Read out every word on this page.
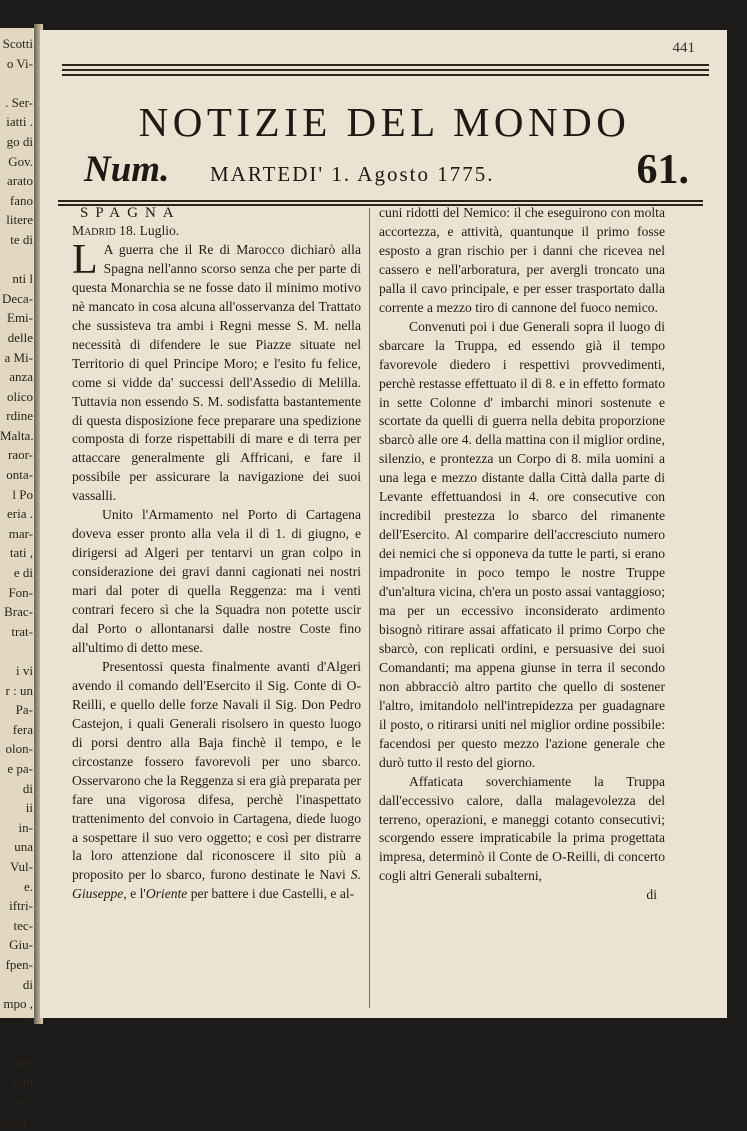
Scotti
o Vi-

. Ser-
iatti .
go di
Gov.
arato
fano
litere
te di

nti l
Deca-
Emi-
delle
a Mi-
anza
olico
rdine
Malta.
raor-
onta-
l Po
eria .
mar-
tati ,
e di
Fon-
Brac-
trat-

i vi
r : un
Pa-
fera
olon-
e pa-
di
ii
in-
una
Vul-
e.
iftri-
tec-
Giu-
fpen-
di
mpo ,
i

ifter
ii tu
cu-
catì .
441
NOTIZIE DEL MONDO
Num. MARTEDI' 1. Agosto 1775.	61.

SPAGNA

Madrid 18. Luglio.

L A guerra che il Re di Marocco dichiarò alla Spagna nell'anno scorso senza che per parte di questa Monarchia se ne fosse dato il minimo motivo nè mancato in cosa alcuna all'osservanza del Trattato che sussisteva tra ambi i Regni messe S. M. nella necessità di difendere le sue Piazze situate nel Territorio di quel Principe Moro; e l'esito fu felice, come si vidde da' successi dell'Assedio di Melilla. Tuttavia non essendo S. M. sodisfatta bastantemente di questa disposizione fece preparare una spedizione composta di forze rispettabili di mare e di terra per attaccare generalmente gli Affricani, e fare il possibile per assicurare la navigazione dei suoi vassalli.

Unito l'Armamento nel Porto di Cartagena doveva esser pronto alla vela il dì 1. di giugno, e dirigersi ad Algeri per tentarvi un gran colpo in considerazione dei gravi danni cagionati nei nostri mari dal poter di quella Reggenza: ma i venti contrari fecero sì che la Squadra non potette uscir dal Porto o allontanarsi dalle nostre Coste fino all'ultimo di detto mese.

Presentossi questa finalmente avanti d'Algeri avendo il comando dell'Esercito il Sig. Conte di O-Reilli, e quello delle forze Navali il Sig. Don Pedro Castejon, i quali Generali risolsero in questo luogo di porsi dentro alla Baja finchè il tempo, e le circostanze fossero favorevoli per uno sbarco. Osservarono che la Reggenza si era già preparata per fare una vigorosa difesa, perchè l'inaspettato trattenimento del convoio in Cartagena, diede luogo a sospettare il suo vero oggetto; e così per distrarre la loro attenzione dal riconoscere il sito più a proposito per lo sbarco, furono destinate le Navi S. Giuseppe, e l'Oriente per battere i due Castelli, e al-

cuni ridotti del Nemico: il che eseguirono con molta accortezza, e attività, quantunque il primo fosse esposto a gran rischio per i danni che ricevea nel cassero e nell'arboratura, per avergli troncato una palla il cavo principale, e per esser trasportato dalla corrente a mezzo tiro di cannone del fuoco nemico.

Convenuti poi i due Generali sopra il luogo di sbarcare la Truppa, ed essendo già il tempo favorevole diedero i respettivi provvedimenti, perchè restasse effettuato il dì 8. e in effetto formato in sette Colonne d' imbarchi minori sostenute e scortate da quelli di guerra nella debita proporzione sbarcò alle ore 4. della mattina con il miglior ordine, silenzio, e prontezza un Corpo di 8. mila uomini a una lega e mezzo distante dalla Città dalla parte di Levante effettuandosi in 4. ore consecutive con incredibil prestezza lo sbarco del rimanente dell'Esercito. Al comparire dell'accresciuto numero dei nemici che si opponeva da tutte le parti, si erano impadronite in poco tempo le nostre Truppe d'un'altura vicina, ch'era un posto assai vantaggioso; ma per un eccessivo inconsiderato ardimento bisognò ritirare assai affaticato il primo Corpo che sbarcò, con replicati ordini, e persuasive dei suoi Comandanti; ma appena giunse in terra il secondo non abbracciò altro partito che quello di sostener l'altro, imitandolo nell'intrepidezza per guadagnare il posto, o ritirarsi uniti nel miglior ordine possibile: facendosi per questo mezzo l'azione generale che durò tutto il resto del giorno.

Affaticata soverchiamente la Truppa dall'eccessivo calore, dalla malagevolezza del terreno, operazioni, e maneggi cotanto consecutivi; scorgendo essere impraticabile la prima progettata impresa, determinò il Conte de O-Reilli, di concerto cogli altri Generali subalterni,

di
